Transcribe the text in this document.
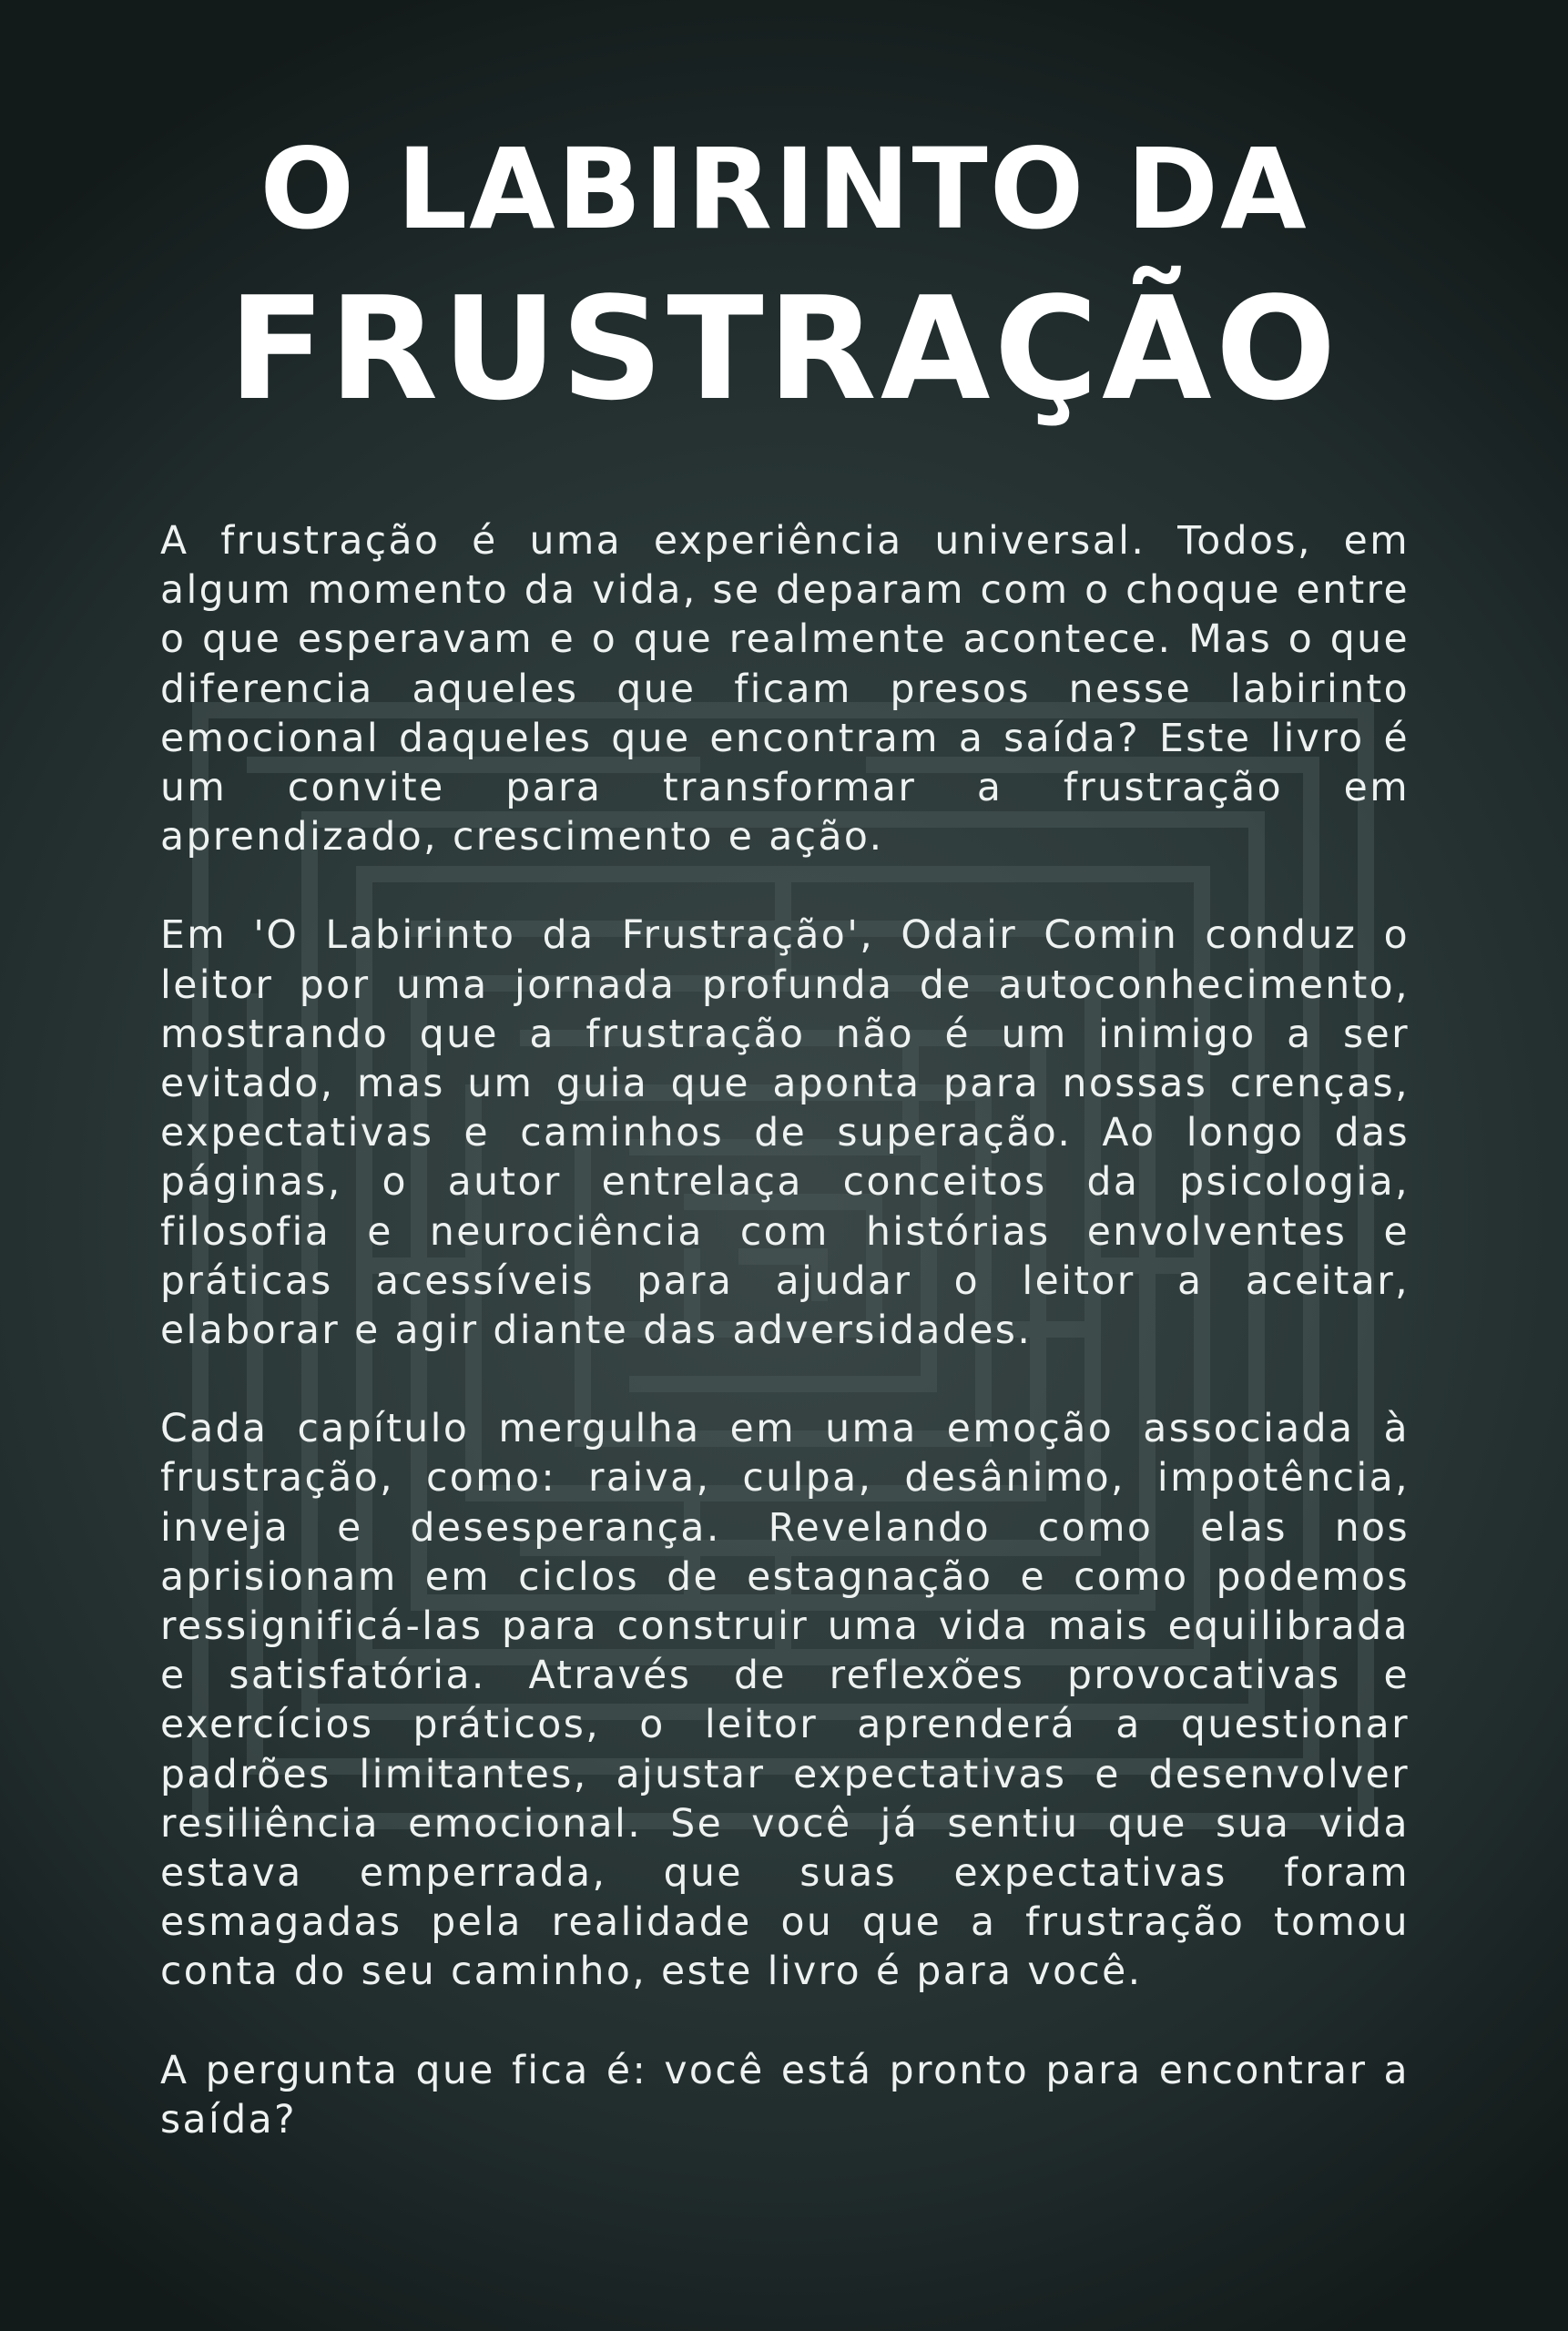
O LABIRINTO DA
FRUSTRAÇÃO

A frustração é uma experiência universal. Todos, em algum momento da vida, se deparam com o choque entre o que esperavam e o que realmente acontece. Mas o que diferencia aqueles que ficam presos nesse labirinto emocional daqueles que encontram a saída? Este livro é um convite para transformar a frustração em aprendizado, crescimento e ação.

Em 'O Labirinto da Frustração', Odair Comin conduz o leitor por uma jornada profunda de autoconhecimento, mostrando que a frustração não é um inimigo a ser evitado, mas um guia que aponta para nossas crenças, expectativas e caminhos de superação. Ao longo das páginas, o autor entrelaça conceitos da psicologia, filosofia e neurociência com histórias envolventes e práticas acessíveis para ajudar o leitor a aceitar, elaborar e agir diante das adversidades.

Cada capítulo mergulha em uma emoção associada à frustração, como: raiva, culpa, desânimo, impotência, inveja e desesperança. Revelando como elas nos aprisionam em ciclos de estagnação e como podemos ressignificá-las para construir uma vida mais equilibrada e satisfatória. Através de reflexões provocativas e exercícios práticos, o leitor aprenderá a questionar padrões limitantes, ajustar expectativas e desenvolver resiliência emocional. Se você já sentiu que sua vida estava emperrada, que suas expectativas foram esmagadas pela realidade ou que a frustração tomou conta do seu caminho, este livro é para você.

A pergunta que fica é: você está pronto para encontrar a saída?
